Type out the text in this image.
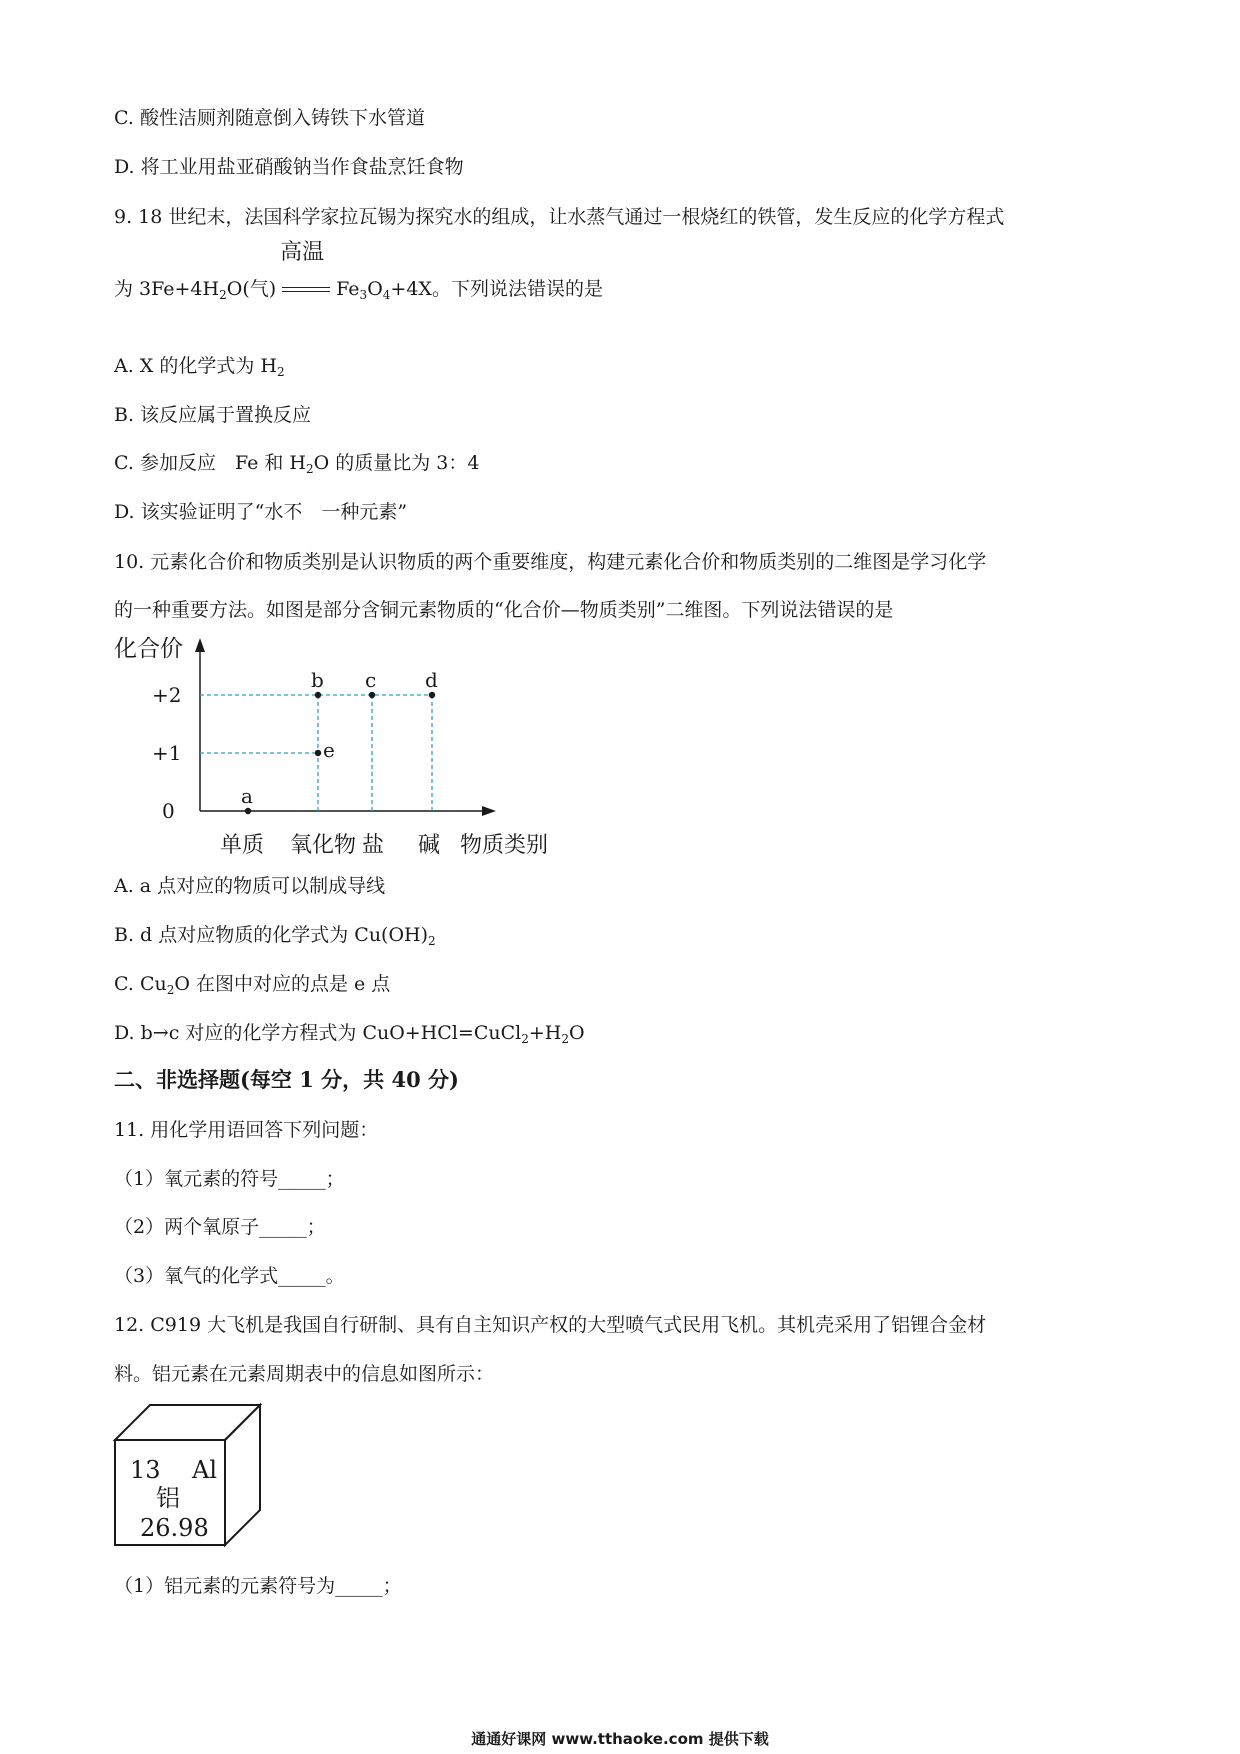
C. 酸性洁厕剂随意倒入铸铁下水管道
D. 将工业用盐亚硝酸钠当作食盐烹饪食物
9. 18 世纪末，法国科学家拉瓦锡为探究水的组成，让水蒸气通过一根烧红的铁管，发生反应的化学方程式
为 $3Fe+4H_2O$(气)
高温
$Fe_3O_4+4X$。下列说法错误的是
A. X 的化学式为 $H_2$
B. 该反应属于置换反应
C. 参加反应　Fe 和 $H_2O$ 的质量比为 3：4
D. 该实验证明了“水不　一种元素”
10. 元素化合价和物质类别是认识物质的两个重要维度，构建元素化合价和物质类别的二维图是学习化学
的一种重要方法。如图是部分含铜元素物质的“化合价—物质类别”二维图。下列说法错误的是
化合价
+2
+1
0
单质 氧化物 盐 碱 物质类别
a
b
e
c d
A. a 点对应的物质可以制成导线
B. d 点对应物质的化学式为 $Cu(OH)_2$
C. $Cu_2O$ 在图中对应的点是 e 点
D. b→c 对应的化学方程式为 $CuO+HCl=CuCl_2+H_2O$
二、非选择题(每空 1 分，共 40 分)
11. 用化学用语回答下列问题：
（1）氧元素的符号_____；
（2）两个氧原子_____；
（3）氧气的化学式_____。
12. C919 大飞机是我国自行研制、具有自主知识产权的大型喷气式民用飞机。其机壳采用了铝锂合金材
料。铝元素在元素周期表中的信息如图所示：
13 Al
铝
26.98
（1）铝元素的元素符号为_____；
通通好课网 www.tthaoke.com 提供下载
